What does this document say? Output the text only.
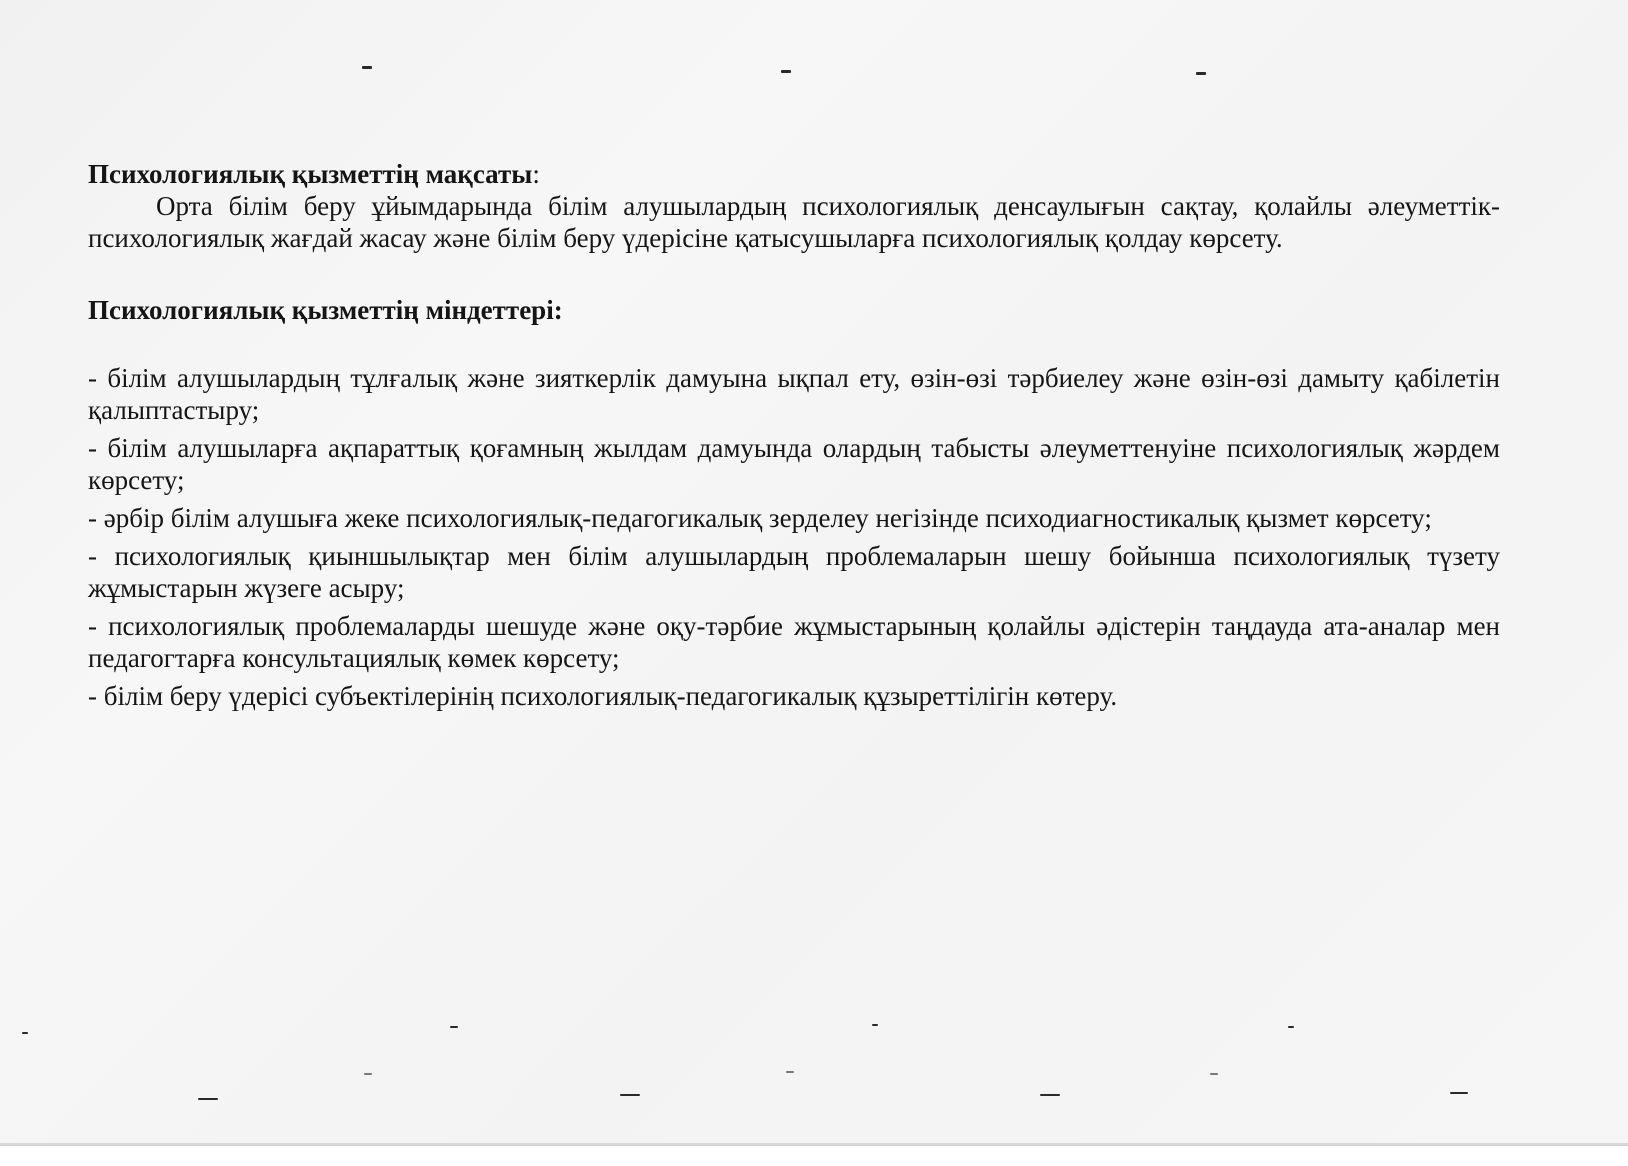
Психологиялық қызметтің мақсаты:

Орта білім беру ұйымдарында білім алушылардың психологиялық денсаулығын сақтау, қолайлы әлеуметтік-психологиялық жағдай жасау және білім беру үдерісіне қатысушыларға психологиялық қолдау көрсету.

Психологиялық қызметтің міндеттері:

- білім алушылардың тұлғалық және зияткерлік дамуына ықпал ету, өзін-өзі тәрбиелеу және өзін-өзі дамыту қабілетін қалыптастыру;
- білім алушыларға ақпараттық қоғамның жылдам дамуында олардың табысты әлеуметтенуіне психологиялық жәрдем көрсету;
- әрбір білім алушыға жеке психологиялық-педагогикалық зерделеу негізінде психодиагностикалық қызмет көрсету;
- психологиялық қиыншылықтар мен білім алушылардың проблемаларын шешу бойынша психологиялық түзету жұмыстарын жүзеге асыру;
- психологиялық проблемаларды шешуде және оқу-тәрбие жұмыстарының қолайлы әдістерін таңдауда ата-аналар мен педагогтарға консультациялық көмек көрсету;
- білім беру үдерісі субъектілерінің психологиялық-педагогикалық құзыреттілігін көтеру.
